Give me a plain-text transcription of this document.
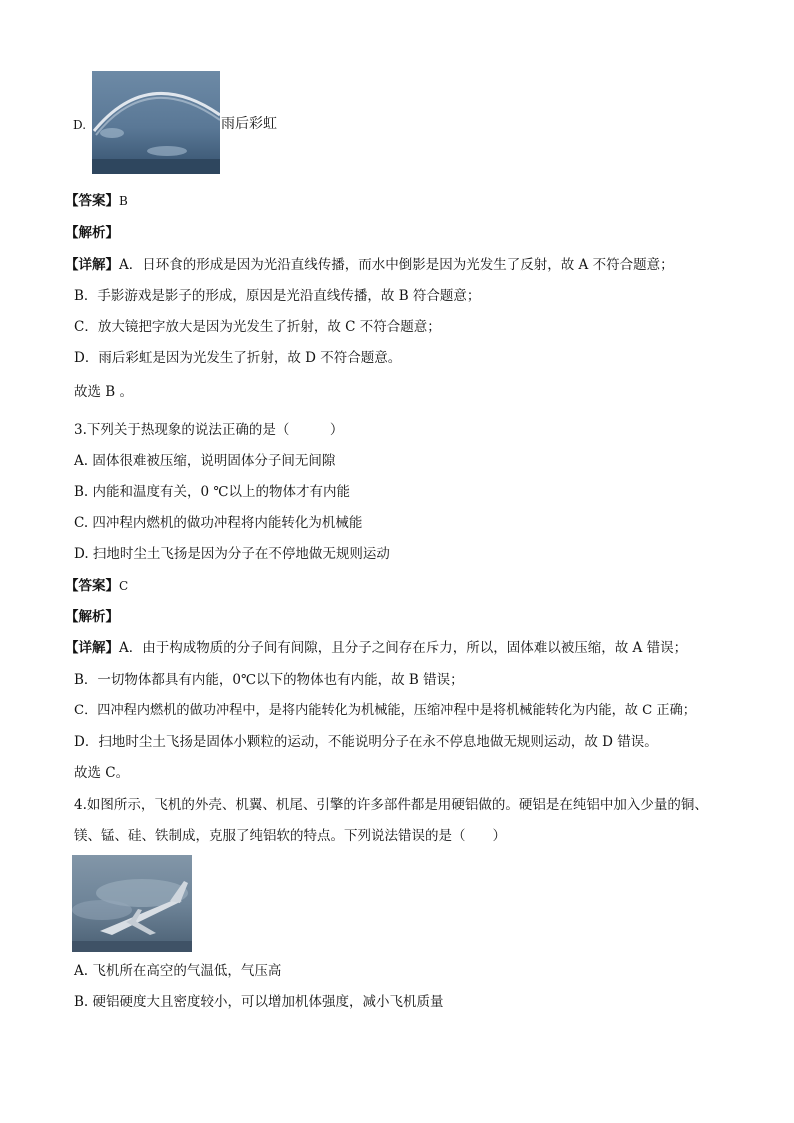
D.	雨后彩虹
【答案】B
【解析】
【详解】A．日环食的形成是因为光沿直线传播，而水中倒影是因为光发生了反射，故 A 不符合题意；
B．手影游戏是影子的形成，原因是光沿直线传播，故 B 符合题意；
C．放大镜把字放大是因为光发生了折射，故 C 不符合题意；
D．雨后彩虹是因为光发生了折射，故 D 不符合题意。
故选 B 。
3.下列关于热现象的说法正确的是（　　　）
A. 固体很难被压缩，说明固体分子间无间隙
B. 内能和温度有关，0 ℃以上的物体才有内能
C. 四冲程内燃机的做功冲程将内能转化为机械能
D. 扫地时尘土飞扬是因为分子在不停地做无规则运动
【答案】C
【解析】
【详解】A．由于构成物质的分子间有间隙，且分子之间存在斥力，所以，固体难以被压缩，故 A 错误；
B．一切物体都具有内能，0℃以下的物体也有内能，故 B 错误；
C．四冲程内燃机的做功冲程中，是将内能转化为机械能，压缩冲程中是将机械能转化为内能，故 C 正确；
D．扫地时尘土飞扬是固体小颗粒的运动，不能说明分子在永不停息地做无规则运动，故 D 错误。
故选 C。
4.如图所示，飞机的外壳、机翼、机尾、引擎的许多部件都是用硬铝做的。硬铝是在纯铝中加入少量的铜、
镁、锰、硅、铁制成，克服了纯铝软的特点。下列说法错误的是（　　）
A. 飞机所在高空的气温低，气压高
B. 硬铝硬度大且密度较小，可以增加机体强度，减小飞机质量
